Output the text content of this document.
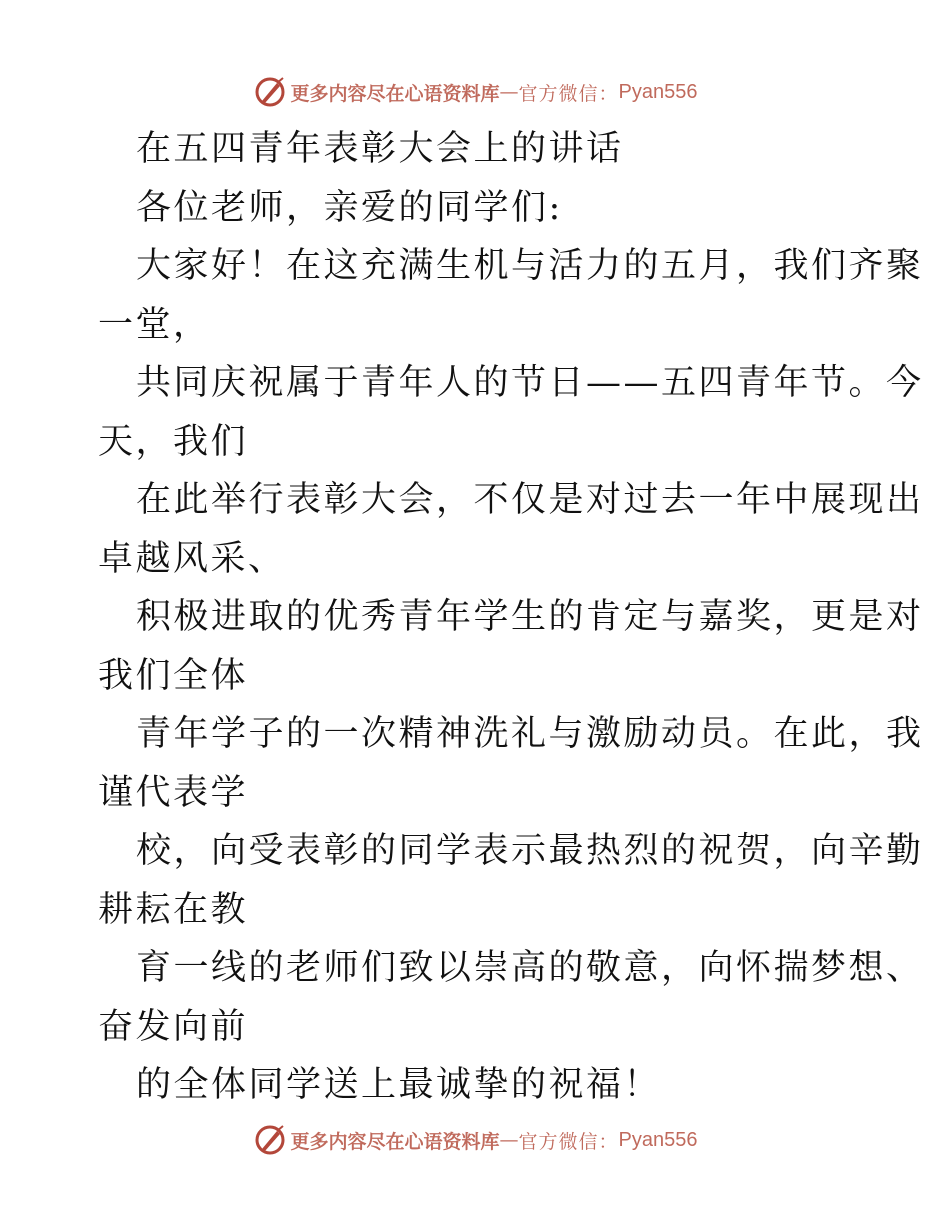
更多内容尽在心语资料库 — 官方微信： Pyan556

在五四青年表彰大会上的讲话

各位老师，亲爱的同学们:

大家好！在这充满生机与活力的五月，我们齐聚

一堂，

共同庆祝属于青年人的节日——五四青年节。今

天，我们

在此举行表彰大会，不仅是对过去一年中展现出

卓越风采、

积极进取的优秀青年学生的肯定与嘉奖，更是对

我们全体

青年学子的一次精神洗礼与激励动员。在此，我

谨代表学

校，向受表彰的同学表示最热烈的祝贺，向辛勤

耕耘在教

育一线的老师们致以崇高的敬意，向怀揣梦想、

奋发向前

的全体同学送上最诚挚的祝福！

更多内容尽在心语资料库 — 官方微信： Pyan556
